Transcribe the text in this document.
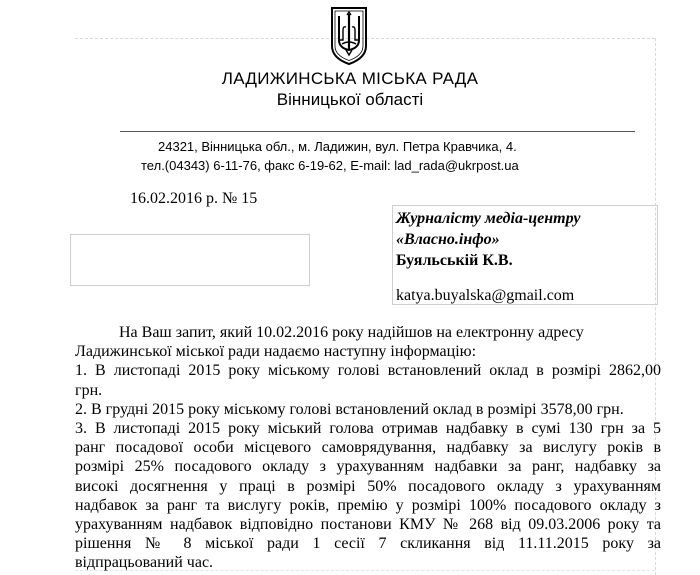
ЛАДИЖИНСЬКА МІСЬКА РАДА
Вінницької області
24321, Вінницька обл., м. Ладижин, вул. Петра Кравчика, 4.
тел.(04343) 6-11-76, факс 6-19-62, E-mail: lad_rada@ukrpost.ua
16.02.2016 р. № 15
Журналісту медіа-центру
«Власно.інфо»
Буяльській К.В.
katya.buyalska@gmail.com

На Ваш запит, який 10.02.2016 року надійшов на електронну адресу

Ладижинської міської ради надаємо наступну інформацію:

1. В листопаді 2015 року міському голові встановлений оклад в розмірі 2862,00

грн.

2. В грудні 2015 року міському голові встановлений оклад в розмірі 3578,00 грн.

3. В листопаді 2015 року міський голова отримав надбавку в сумі 130 грн за 5

ранг посадової особи місцевого самоврядування, надбавку за вислугу років в

розмірі 25% посадового окладу з урахуванням надбавки за ранг, надбавку за

високі досягнення у праці в розмірі 50% посадового окладу з урахуванням

надбавок за ранг та вислугу років, премію у розмірі 100% посадового окладу з

урахуванням надбавок відповідно постанови КМУ № 268 від 09.03.2006 року та

рішення № 8 міської ради 1 сесії 7 скликання від 11.11.2015 року за

відпрацьований час.
